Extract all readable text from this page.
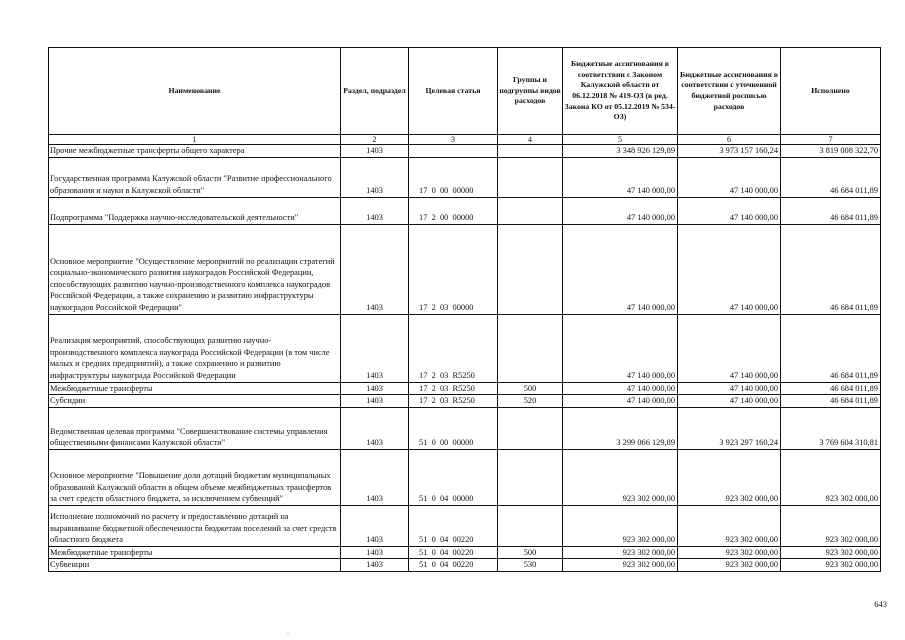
Наименование	Раздел, подраздел	Целевая статья	Группы и подгруппы видов расходов	Бюджетные ассигнования в соответствии с Законом Калужской области от 06.12.2018 № 419-ОЗ (в ред. Закона КО от 05.12.2019 № 534-ОЗ)	Бюджетные ассигнования в соответствии с уточненной бюджетной росписью расходов	Исполнено
1	2	3	4	5	6	7
Прочие межбюджетные трансферты общего характера	1403			3 348 926 129,89	3 973 157 160,24	3 819 008 322,70
Государственная программа Калужской области "Развитие профессионального образования и науки в Калужской области"	1403	17  0  00  00000		47 140 000,00	47 140 000,00	46 684 011,89
Подпрограмма "Поддержка научно-исследовательской деятельности"	1403	17  2  00  00000		47 140 000,00	47 140 000,00	46 684 011,89
Основное мероприятие "Осуществление мероприятий по реализации стратегий социально-экономического развития наукоградов Российской Федерации, способствующих развитию научно-производственного комплекса наукоградов Российской Федерации, а также сохранению и развитию инфраструктуры наукоградов Российской Федерации"	1403	17  2  03  00000		47 140 000,00	47 140 000,00	46 684 011,89
Реализация мероприятий, способствующих развитию научно-производственного комплекса наукограда Российской Федерации (в том числе малых и средних предприятий), а также сохранению и развитию инфраструктуры наукограда Российской Федерации	1403	17  2  03  R5250		47 140 000,00	47 140 000,00	46 684 011,89
Межбюджетные трансферты	1403	17  2  03  R5250	500	47 140 000,00	47 140 000,00	46 684 011,89
Субсидии	1403	17  2  03  R5250	520	47 140 000,00	47 140 000,00	46 684 011,89
Ведомственная целевая программа "Совершенствование системы управления общественными финансами Калужской области"	1403	51  0  00  00000		3 299 066 129,89	3 923 297 160,24	3 769 604 310,81
Основное мероприятие "Повышение доли дотаций бюджетам муниципальных образований Калужской области в общем объеме межбюджетных трансфертов за счет средств областного бюджета, за исключением субвенций"	1403	51  0  04  00000		923 302 000,00	923 302 000,00	923 302 000,00
Исполнение полномочий по расчету и предоставлению дотаций на выравнивание бюджетной обеспеченности бюджетам поселений за счет средств областного бюджета	1403	51  0  04  00220		923 302 000,00	923 302 000,00	923 302 000,00
Межбюджетные трансферты	1403	51  0  04  00220	500	923 302 000,00	923 302 000,00	923 302 000,00
Субвенции	1403	51  0  04  00220	530	923 302 000,00	923 302 000,00	923 302 000,00
643
.
